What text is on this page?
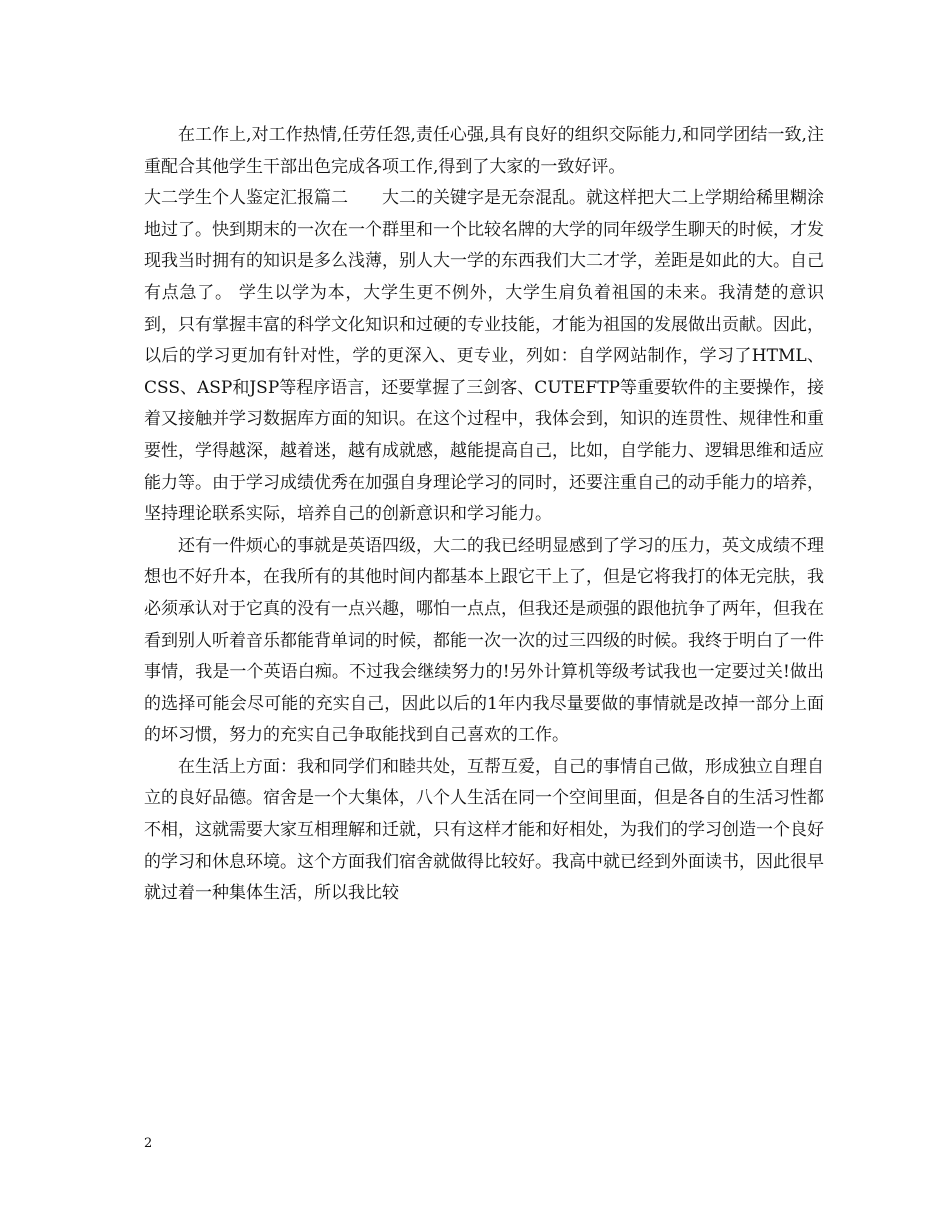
在工作上,对工作热情,任劳任怨,责任心强,具有良好的组织交际能力,和同学团结一致,注重配合其他学生干部出色完成各项工作,得到了大家的一致好评。

大二学生个人鉴定汇报篇二　　大二的关键字是无奈混乱。就这样把大二上学期给稀里糊涂地过了。快到期末的一次在一个群里和一个比较名牌的大学的同年级学生聊天的时候，才发现我当时拥有的知识是多么浅薄，别人大一学的东西我们大二才学，差距是如此的大。自己有点急了。 学生以学为本，大学生更不例外，大学生肩负着祖国的未来。我清楚的意识到，只有掌握丰富的科学文化知识和过硬的专业技能，才能为祖国的发展做出贡献。因此，以后的学习更加有针对性，学的更深入、更专业，列如：自学网站制作，学习了HTML、CSS、ASP和JSP等程序语言，还要掌握了三剑客、CUTEFTP等重要软件的主要操作，接着又接触并学习数据库方面的知识。在这个过程中，我体会到，知识的连贯性、规律性和重要性，学得越深，越着迷，越有成就感，越能提高自己，比如，自学能力、逻辑思维和适应能力等。由于学习成绩优秀在加强自身理论学习的同时，还要注重自己的动手能力的培养，坚持理论联系实际，培养自己的创新意识和学习能力。

还有一件烦心的事就是英语四级，大二的我已经明显感到了学习的压力，英文成绩不理想也不好升本，在我所有的其他时间内都基本上跟它干上了，但是它将我打的体无完肤，我必须承认对于它真的没有一点兴趣，哪怕一点点，但我还是顽强的跟他抗争了两年，但我在看到别人听着音乐都能背单词的时候，都能一次一次的过三四级的时候。我终于明白了一件事情，我是一个英语白痴。不过我会继续努力的!另外计算机等级考试我也一定要过关!做出的选择可能会尽可能的充实自己，因此以后的1年内我尽量要做的事情就是改掉一部分上面的坏习惯，努力的充实自己争取能找到自己喜欢的工作。

在生活上方面：我和同学们和睦共处，互帮互爱，自己的事情自己做，形成独立自理自立的良好品德。宿舍是一个大集体，八个人生活在同一个空间里面，但是各自的生活习性都不相，这就需要大家互相理解和迁就，只有这样才能和好相处，为我们的学习创造一个良好的学习和休息环境。这个方面我们宿舍就做得比较好。我高中就已经到外面读书，因此很早就过着一种集体生活，所以我比较

2
